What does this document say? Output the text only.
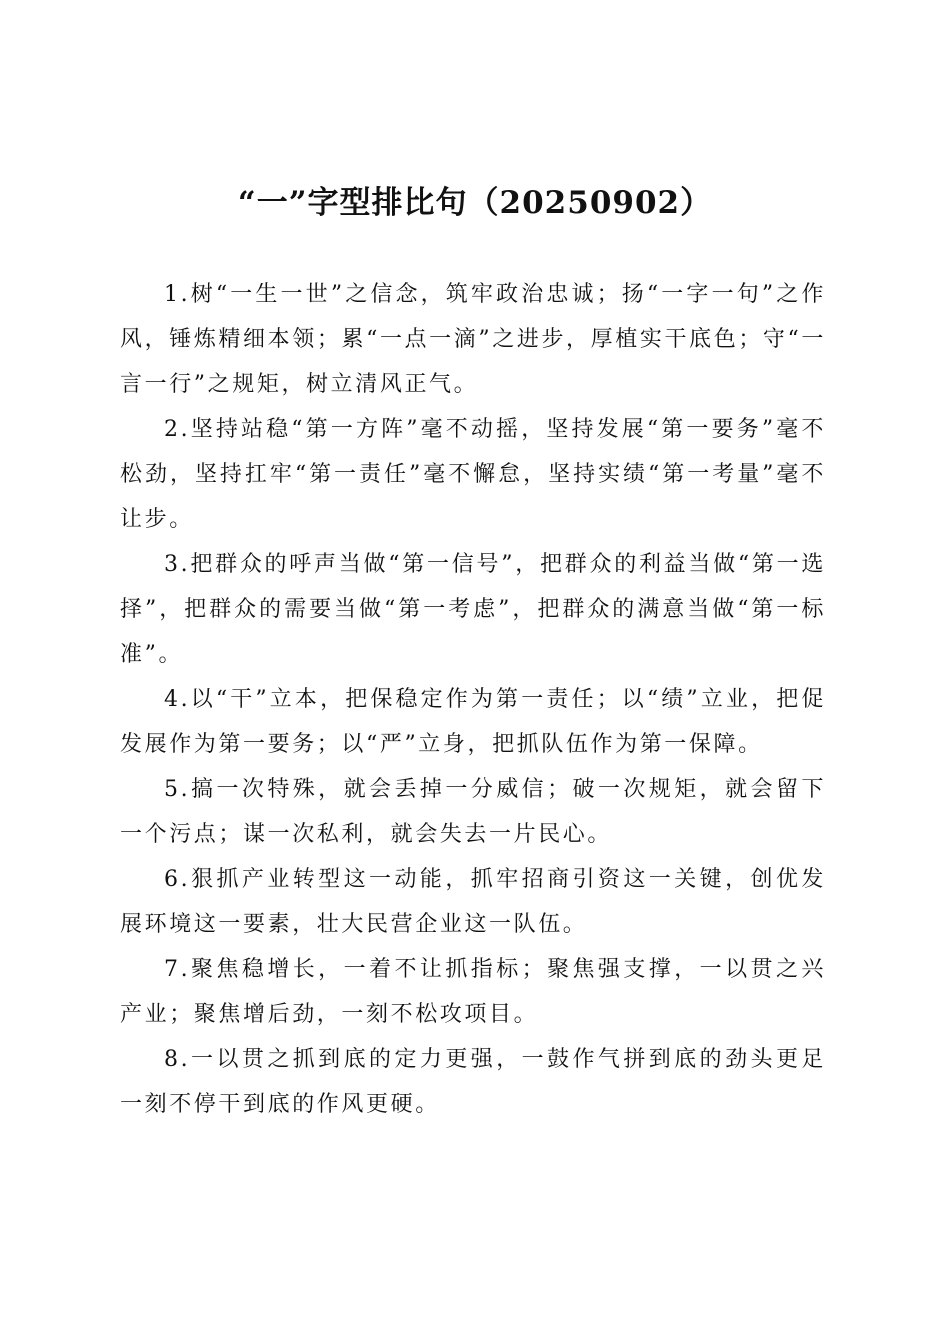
“一”字型排比句（20250902）

1.树“一生一世”之信念，筑牢政治忠诚；扬“一字一句”之作风，锤炼精细本领；累“一点一滴”之进步，厚植实干底色；守“一言一行”之规矩，树立清风正气。

2.坚持站稳“第一方阵”毫不动摇，坚持发展“第一要务”毫不松劲，坚持扛牢“第一责任”毫不懈怠，坚持实绩“第一考量”毫不让步。

3.把群众的呼声当做“第一信号”，把群众的利益当做“第一选择”，把群众的需要当做“第一考虑”，把群众的满意当做“第一标准”。

4.以“干”立本，把保稳定作为第一责任；以“绩”立业，把促发展作为第一要务；以“严”立身，把抓队伍作为第一保障。

5.搞一次特殊，就会丢掉一分威信；破一次规矩，就会留下一个污点；谋一次私利，就会失去一片民心。

6.狠抓产业转型这一动能，抓牢招商引资这一关键，创优发展环境这一要素，壮大民营企业这一队伍。

7.聚焦稳增长，一着不让抓指标；聚焦强支撑，一以贯之兴产业；聚焦增后劲，一刻不松攻项目。

8.一以贯之抓到底的定力更强，一鼓作气拼到底的劲头更足一刻不停干到底的作风更硬。
